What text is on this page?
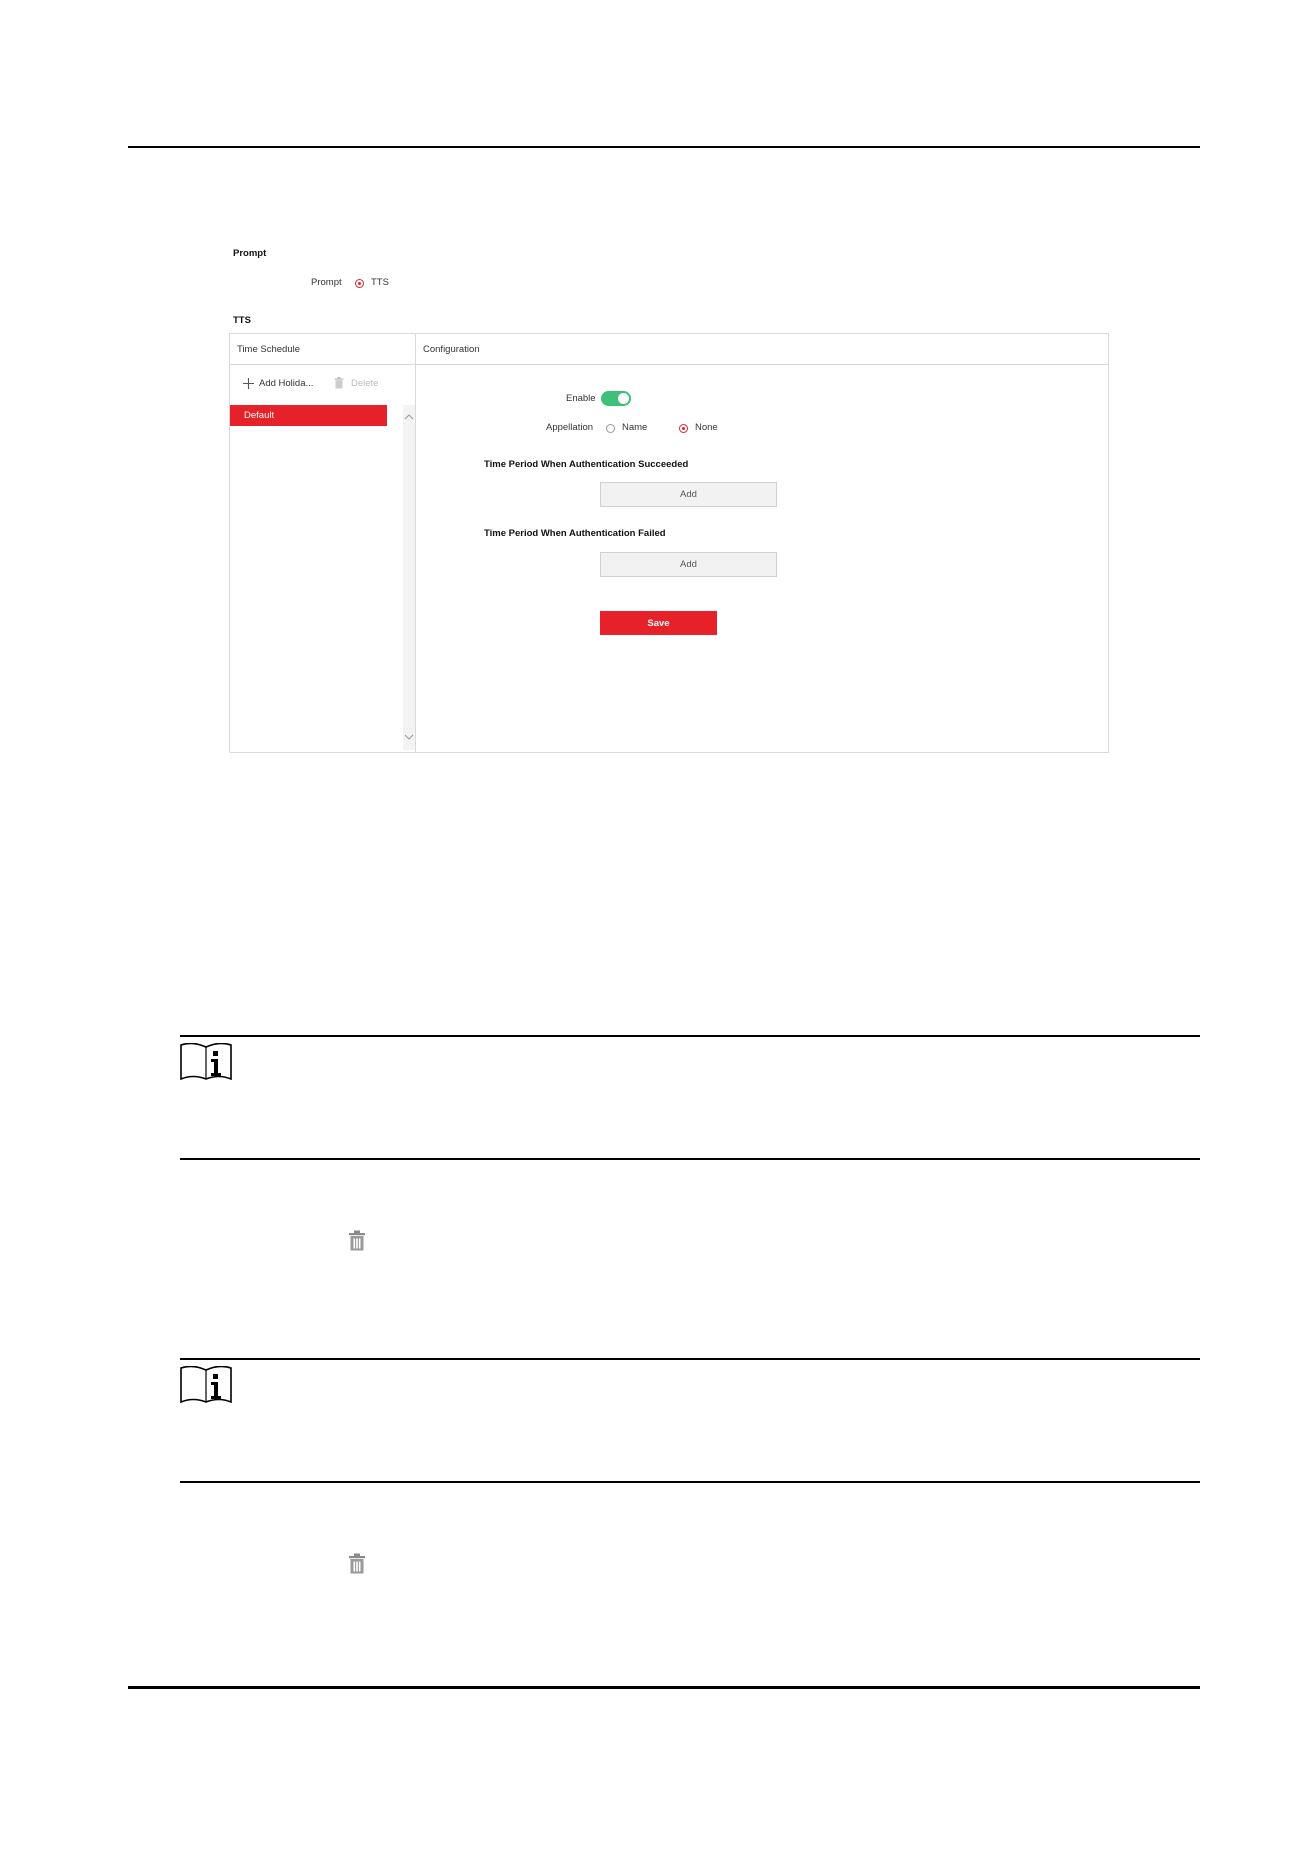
Prompt
Prompt	TTS
TTS
Time Schedule	Configuration
Add Holida...	Delete
Default
Enable
Appellation	Name	None
Time Period When Authentication Succeeded
Add
Time Period When Authentication Failed
Add
Save
